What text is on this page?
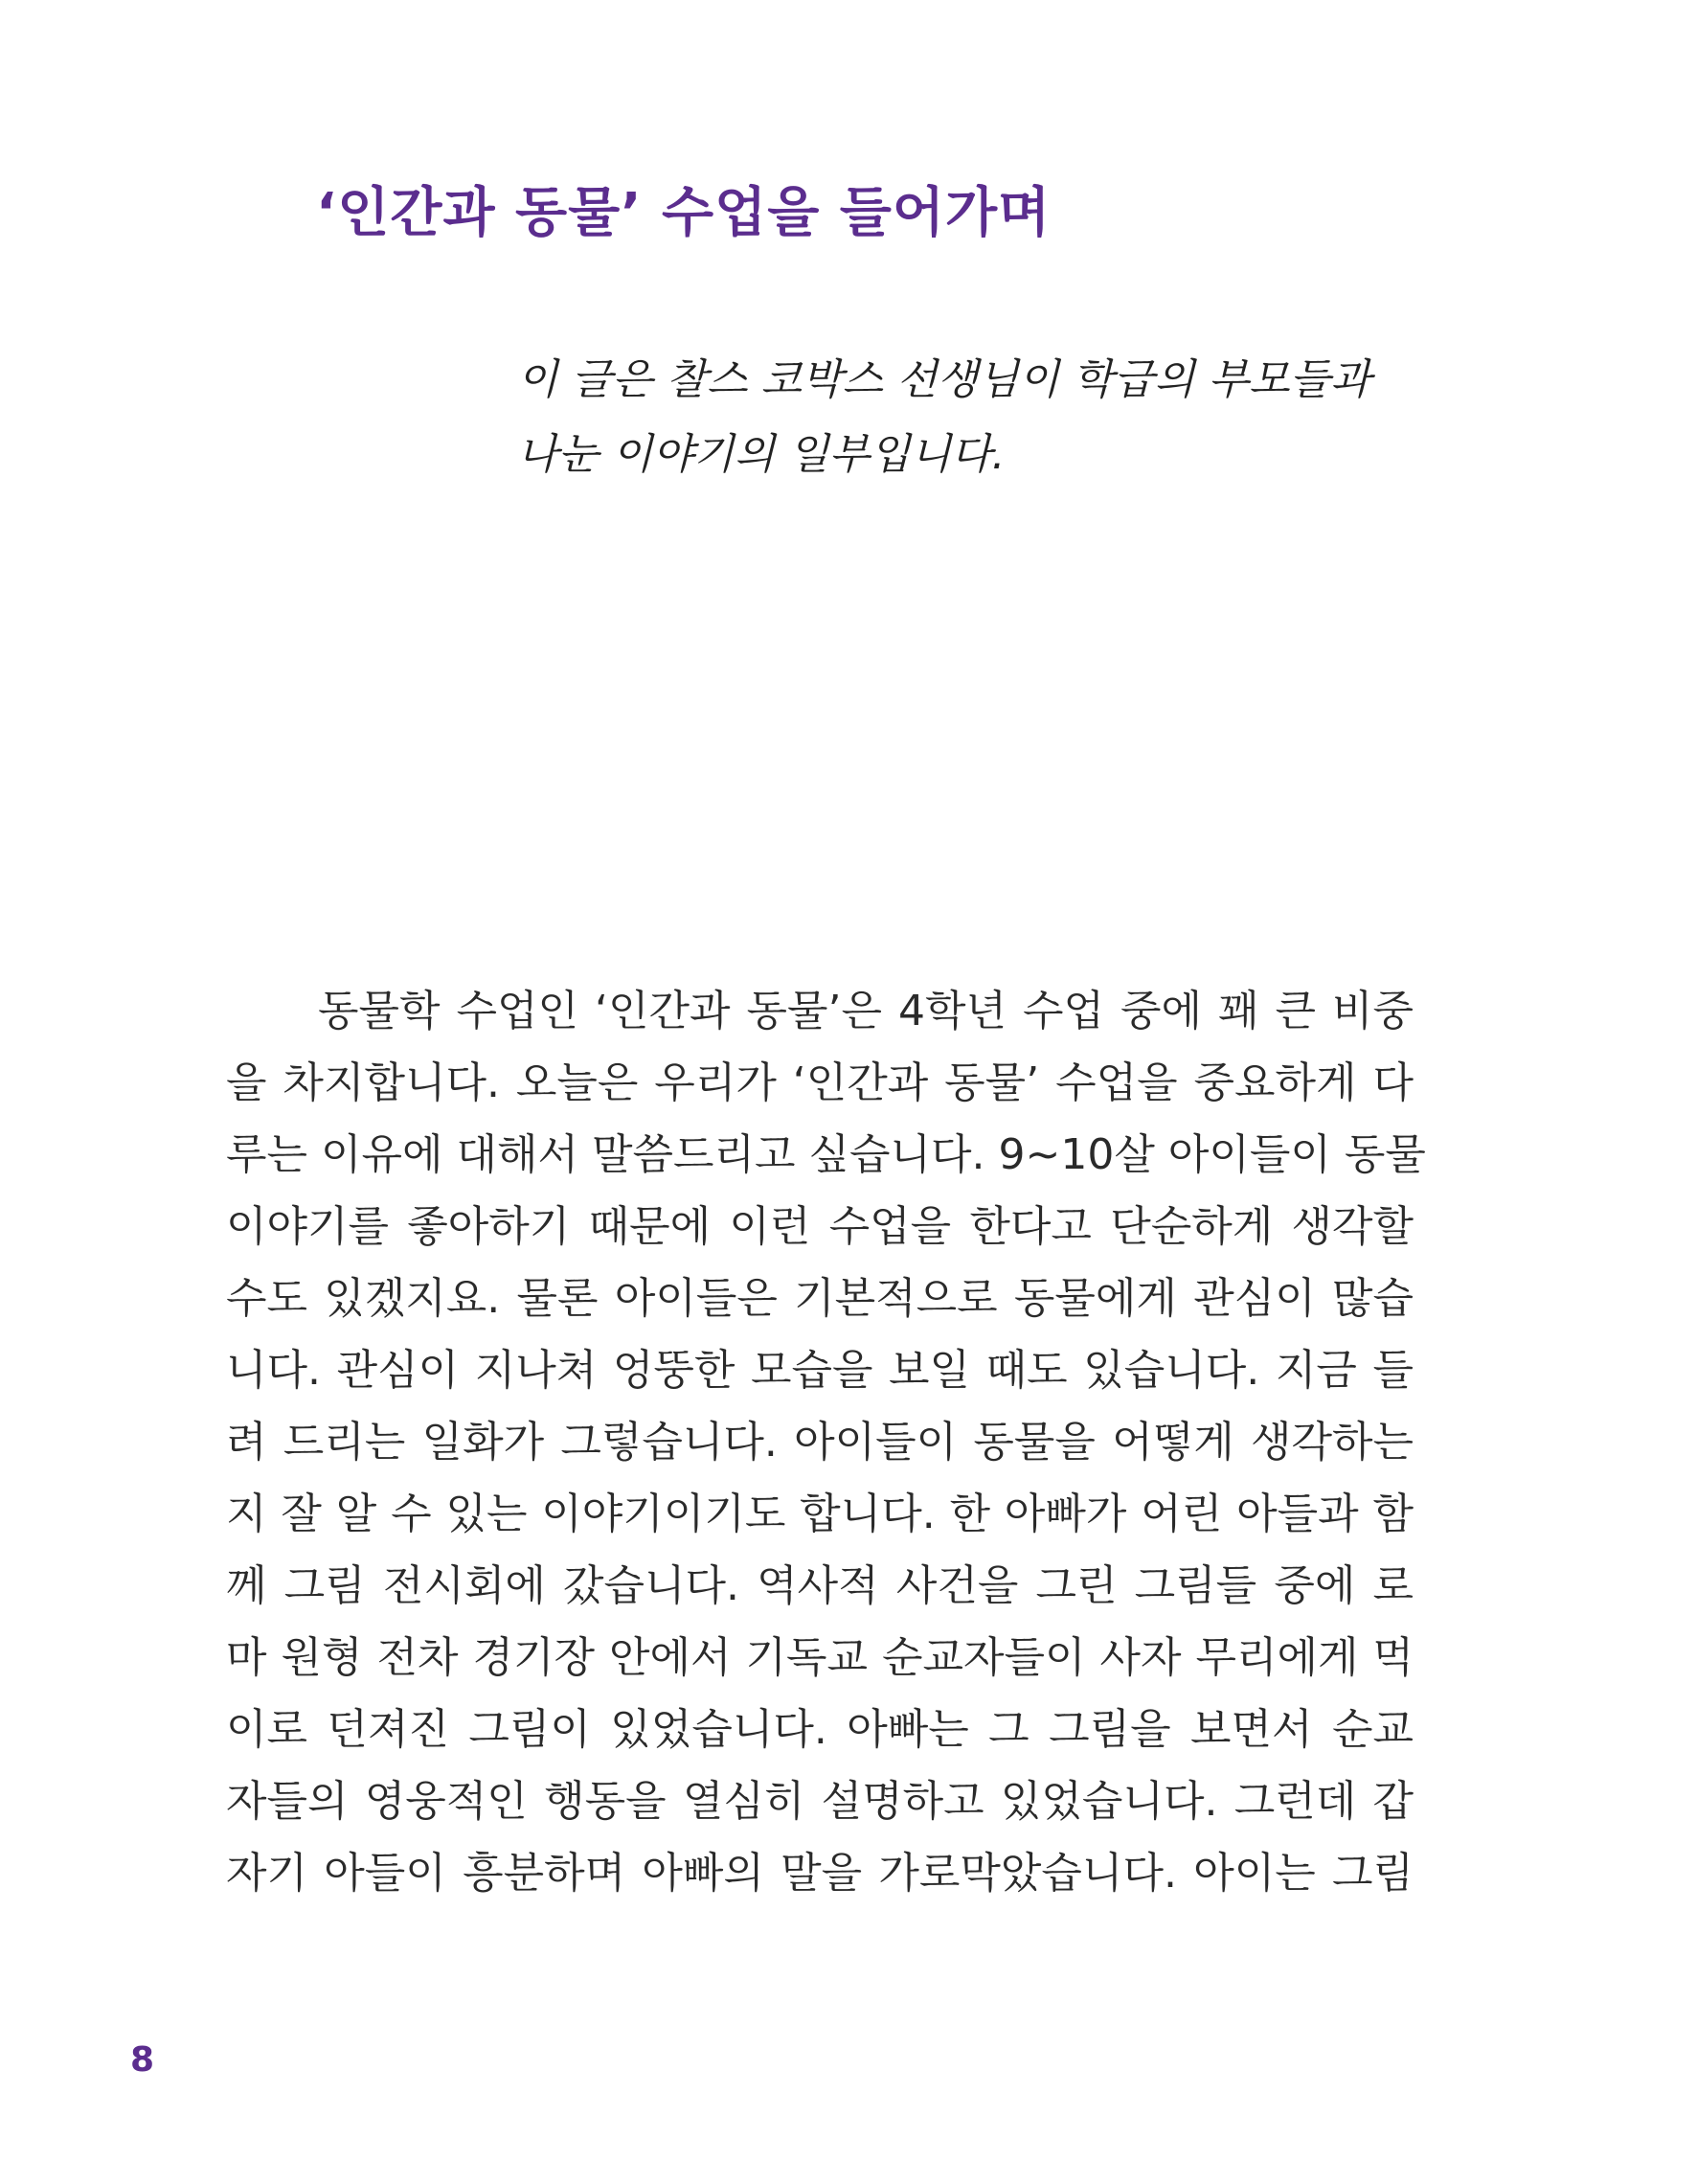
‘인간과 동물’ 수업을 들어가며
이 글은 찰스 코박스 선생님이 학급의 부모들과
나눈 이야기의 일부입니다.
동물학 수업인 ‘인간과 동물’은 4학년 수업 중에 꽤 큰 비중
을 차지합니다. 오늘은 우리가 ‘인간과 동물’ 수업을 중요하게 다
루는 이유에 대해서 말씀드리고 싶습니다. 9~10살 아이들이 동물
이야기를 좋아하기 때문에 이런 수업을 한다고 단순하게 생각할
수도 있겠지요. 물론 아이들은 기본적으로 동물에게 관심이 많습
니다. 관심이 지나쳐 엉뚱한 모습을 보일 때도 있습니다. 지금 들
려 드리는 일화가 그렇습니다. 아이들이 동물을 어떻게 생각하는
지 잘 알 수 있는 이야기이기도 합니다. 한 아빠가 어린 아들과 함
께 그림 전시회에 갔습니다. 역사적 사건을 그린 그림들 중에 로
마 원형 전차 경기장 안에서 기독교 순교자들이 사자 무리에게 먹
이로 던져진 그림이 있었습니다. 아빠는 그 그림을 보면서 순교
자들의 영웅적인 행동을 열심히 설명하고 있었습니다. 그런데 갑
자기 아들이 흥분하며 아빠의 말을 가로막았습니다. 아이는 그림
8
